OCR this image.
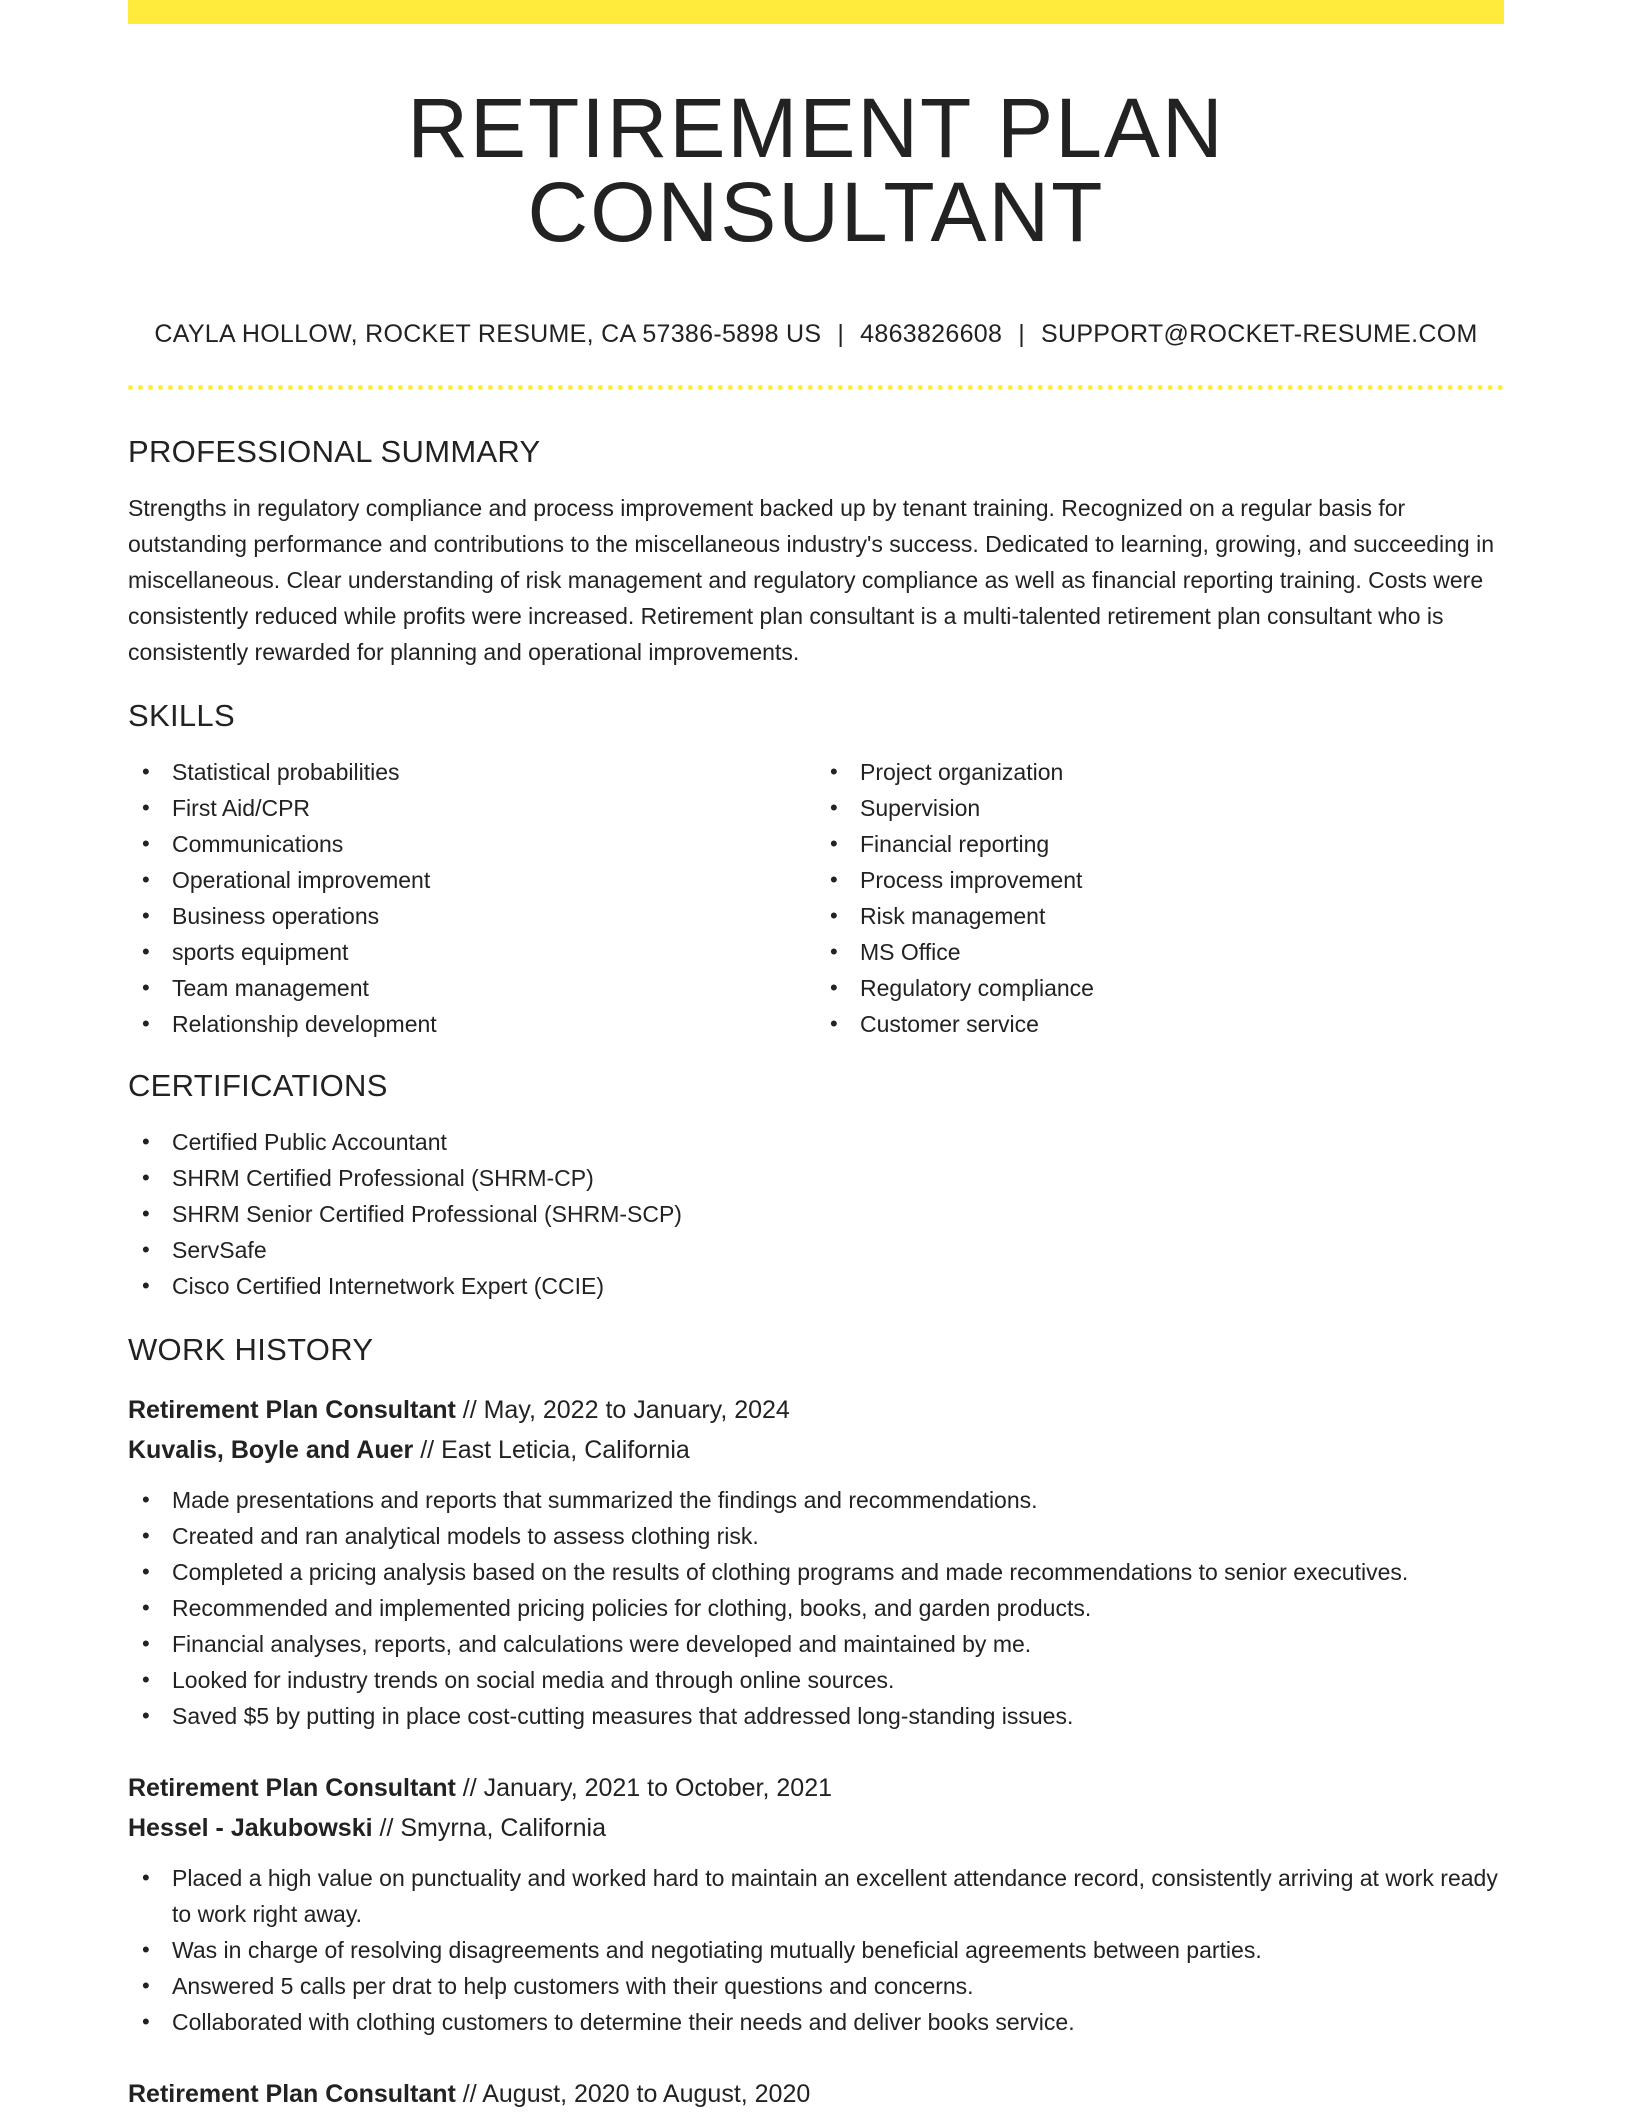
RETIREMENT PLAN CONSULTANT
CAYLA HOLLOW, ROCKET RESUME, CA 57386-5898 US | 4863826608 | SUPPORT@ROCKET-RESUME.COM
PROFESSIONAL SUMMARY

Strengths in regulatory compliance and process improvement backed up by tenant training. Recognized on a regular basis for outstanding performance and contributions to the miscellaneous industry's success. Dedicated to learning, growing, and succeeding in miscellaneous. Clear understanding of risk management and regulatory compliance as well as financial reporting training. Costs were consistently reduced while profits were increased. Retirement plan consultant is a multi-talented retirement plan consultant who is consistently rewarded for planning and operational improvements.

SKILLS
• Statistical probabilities
• First Aid/CPR
• Communications
• Operational improvement
• Business operations
• sports equipment
• Team management
• Relationship development
• Project organization
• Supervision
• Financial reporting
• Process improvement
• Risk management
• MS Office
• Regulatory compliance
• Customer service
CERTIFICATIONS
• Certified Public Accountant
• SHRM Certified Professional (SHRM-CP)
• SHRM Senior Certified Professional (SHRM-SCP)
• ServSafe
• Cisco Certified Internetwork Expert (CCIE)
WORK HISTORY
Retirement Plan Consultant // May, 2022 to January, 2024
Kuvalis, Boyle and Auer // East Leticia, California
• Made presentations and reports that summarized the findings and recommendations.
• Created and ran analytical models to assess clothing risk.
• Completed a pricing analysis based on the results of clothing programs and made recommendations to senior executives.
• Recommended and implemented pricing policies for clothing, books, and garden products.
• Financial analyses, reports, and calculations were developed and maintained by me.
• Looked for industry trends on social media and through online sources.
• Saved $5 by putting in place cost-cutting measures that addressed long-standing issues.
Retirement Plan Consultant // January, 2021 to October, 2021
Hessel - Jakubowski // Smyrna, California
• Placed a high value on punctuality and worked hard to maintain an excellent attendance record, consistently arriving at work ready to work right away.
• Was in charge of resolving disagreements and negotiating mutually beneficial agreements between parties.
• Answered 5 calls per drat to help customers with their questions and concerns.
• Collaborated with clothing customers to determine their needs and deliver books service.
Retirement Plan Consultant // August, 2020 to August, 2020
